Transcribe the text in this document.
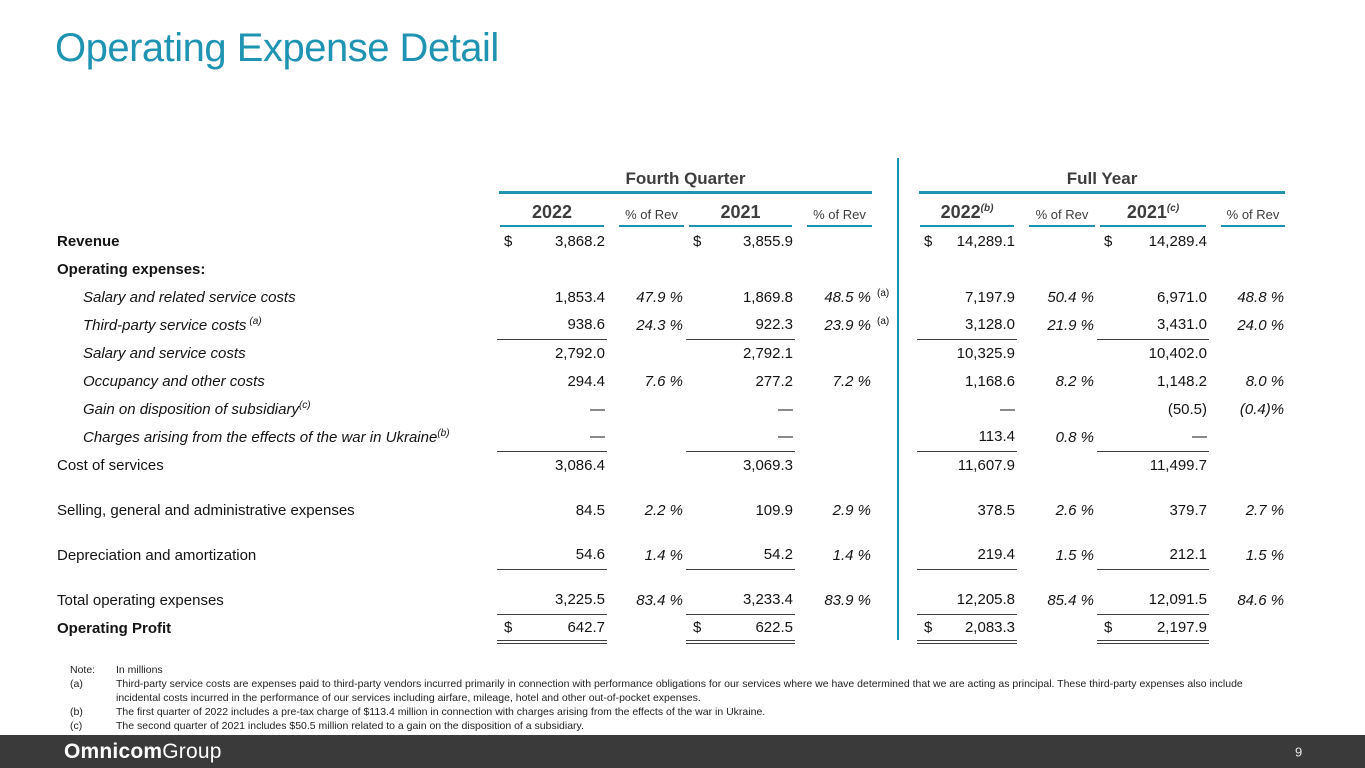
Operating Expense Detail

	Fourth Quarter							Full Year					

	2022		% of Rev	2021		% of Rev		2022$^{(b)}$		% of Rev	2021$^{(c)}$		% of Rev

Revenue	$	3,868.2		$	3,855.9			$	14,289.1		$	14,289.4	
Operating expenses:													
Salary and related service costs		1,853.4	47.9 %		1,869.8	48.5 % (a)			7,197.9	50.4 %		6,971.0	48.8 %
Third-party service costs $^{(a)}$		938.6	24.3 %		922.3	23.9 % (a)			3,128.0	21.9 %		3,431.0	24.0 %
Salary and service costs		2,792.0			2,792.1				10,325.9			10,402.0	
Occupancy and other costs		294.4	7.6 %		277.2	7.2 %			1,168.6	8.2 %		1,148.2	8.0 %
Gain on disposition of subsidiary$^{(c)}$		—			—				—			(50.5)	(0.4)%
Charges arising from the effects of the war in Ukraine$^{(b)}$		—			—				113.4	0.8 %		—	
Cost of services		3,086.4			3,069.3				11,607.9			11,499.7	

Selling, general and administrative expenses		84.5	2.2 %		109.9	2.9 %			378.5	2.6 %		379.7	2.7 %

Depreciation and amortization		54.6	1.4 %		54.2	1.4 %			219.4	1.5 %		212.1	1.5 %

Total operating expenses		3,225.5	83.4 %		3,233.4	83.9 %			12,205.8	85.4 %		12,091.5	84.6 %
Operating Profit	$	642.7		$	622.5			$	2,083.3		$	2,197.9	
Note:	In millions
(a)	Third-party service costs are expenses paid to third-party vendors incurred primarily in connection with performance obligations for our services where we have determined that we are acting as principal. These third-party expenses also include incidental costs incurred in the performance of our services including airfare, mileage, hotel and other out-of-pocket expenses.
(b)	The first quarter of 2022 includes a pre-tax charge of $113.4 million in connection with charges arising from the effects of the war in Ukraine.
(c)	The second quarter of 2021 includes $50.5 million related to a gain on the disposition of a subsidiary.
OmnicomGroup	9
